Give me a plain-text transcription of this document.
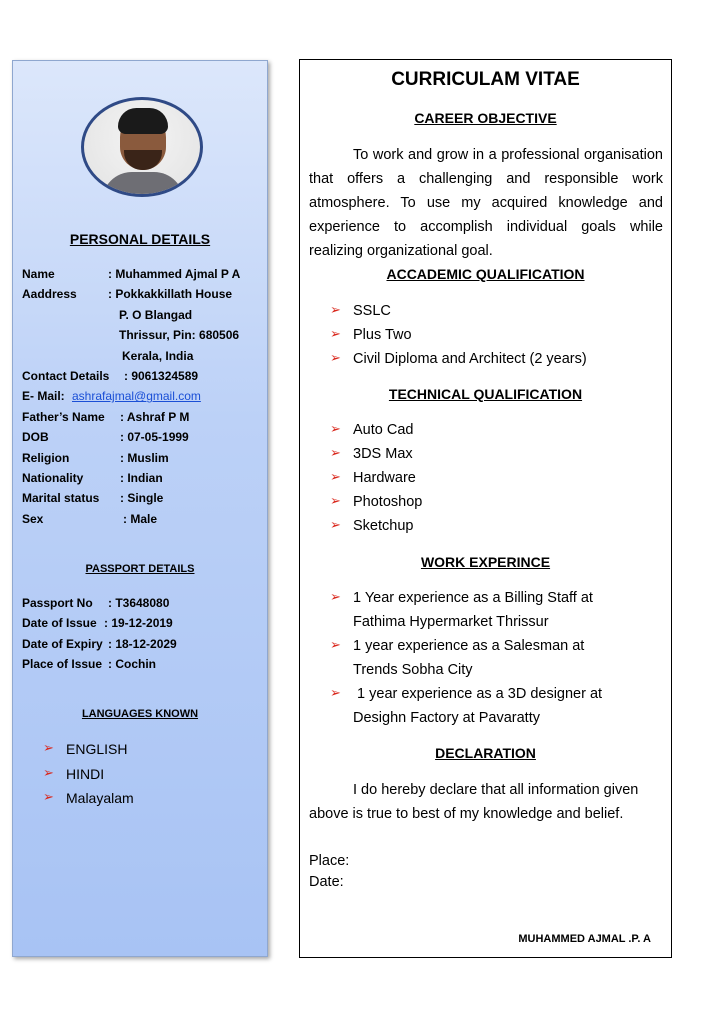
PERSONAL DETAILS
Name	: Muhammed Ajmal P A
Aaddress	: Pokkakkillath House
P. O Blangad
Thrissur, Pin: 680506
Kerala, India
Contact Details : 9061324589
E- Mail: ashrafajmal@gmail.com
Father’s Name : Ashraf P M
DOB	: 07-05-1999
Religion	: Muslim
Nationality	: Indian
Marital status : Single
Sex	: Male
PASSPORT DETAILS
Passport No : T3648080
Date of Issue : 19-12-2019
Date of Expiry : 18-12-2029
Place of Issue : Cochin
LANGUAGES KNOWN
➢ ENGLISH
➢ HINDI
➢ Malayalam
CURRICULAM VITAE
CAREER OBJECTIVE
To work and grow in a professional organisation that offers a challenging and responsible work atmosphere. To use my acquired knowledge and experience to accomplish individual goals while realizing organizational goal.
ACCADEMIC QUALIFICATION
➢ SSLC
➢ Plus Two
➢ Civil Diploma and Architect (2 years)
TECHNICAL QUALIFICATION
➢ Auto Cad
➢ 3DS Max
➢ Hardware
➢ Photoshop
➢ Sketchup
WORK EXPERINCE
➢ 1 Year experience as a Billing Staff at Fathima Hypermarket Thrissur
➢ 1 year experience as a Salesman at Trends Sobha City
➢ 1 year experience as a 3D designer at Desighn Factory at Pavaratty
DECLARATION
I do hereby declare that all information given above is true to best of my knowledge and belief.
Place:
Date:
MUHAMMED AJMAL .P. A
